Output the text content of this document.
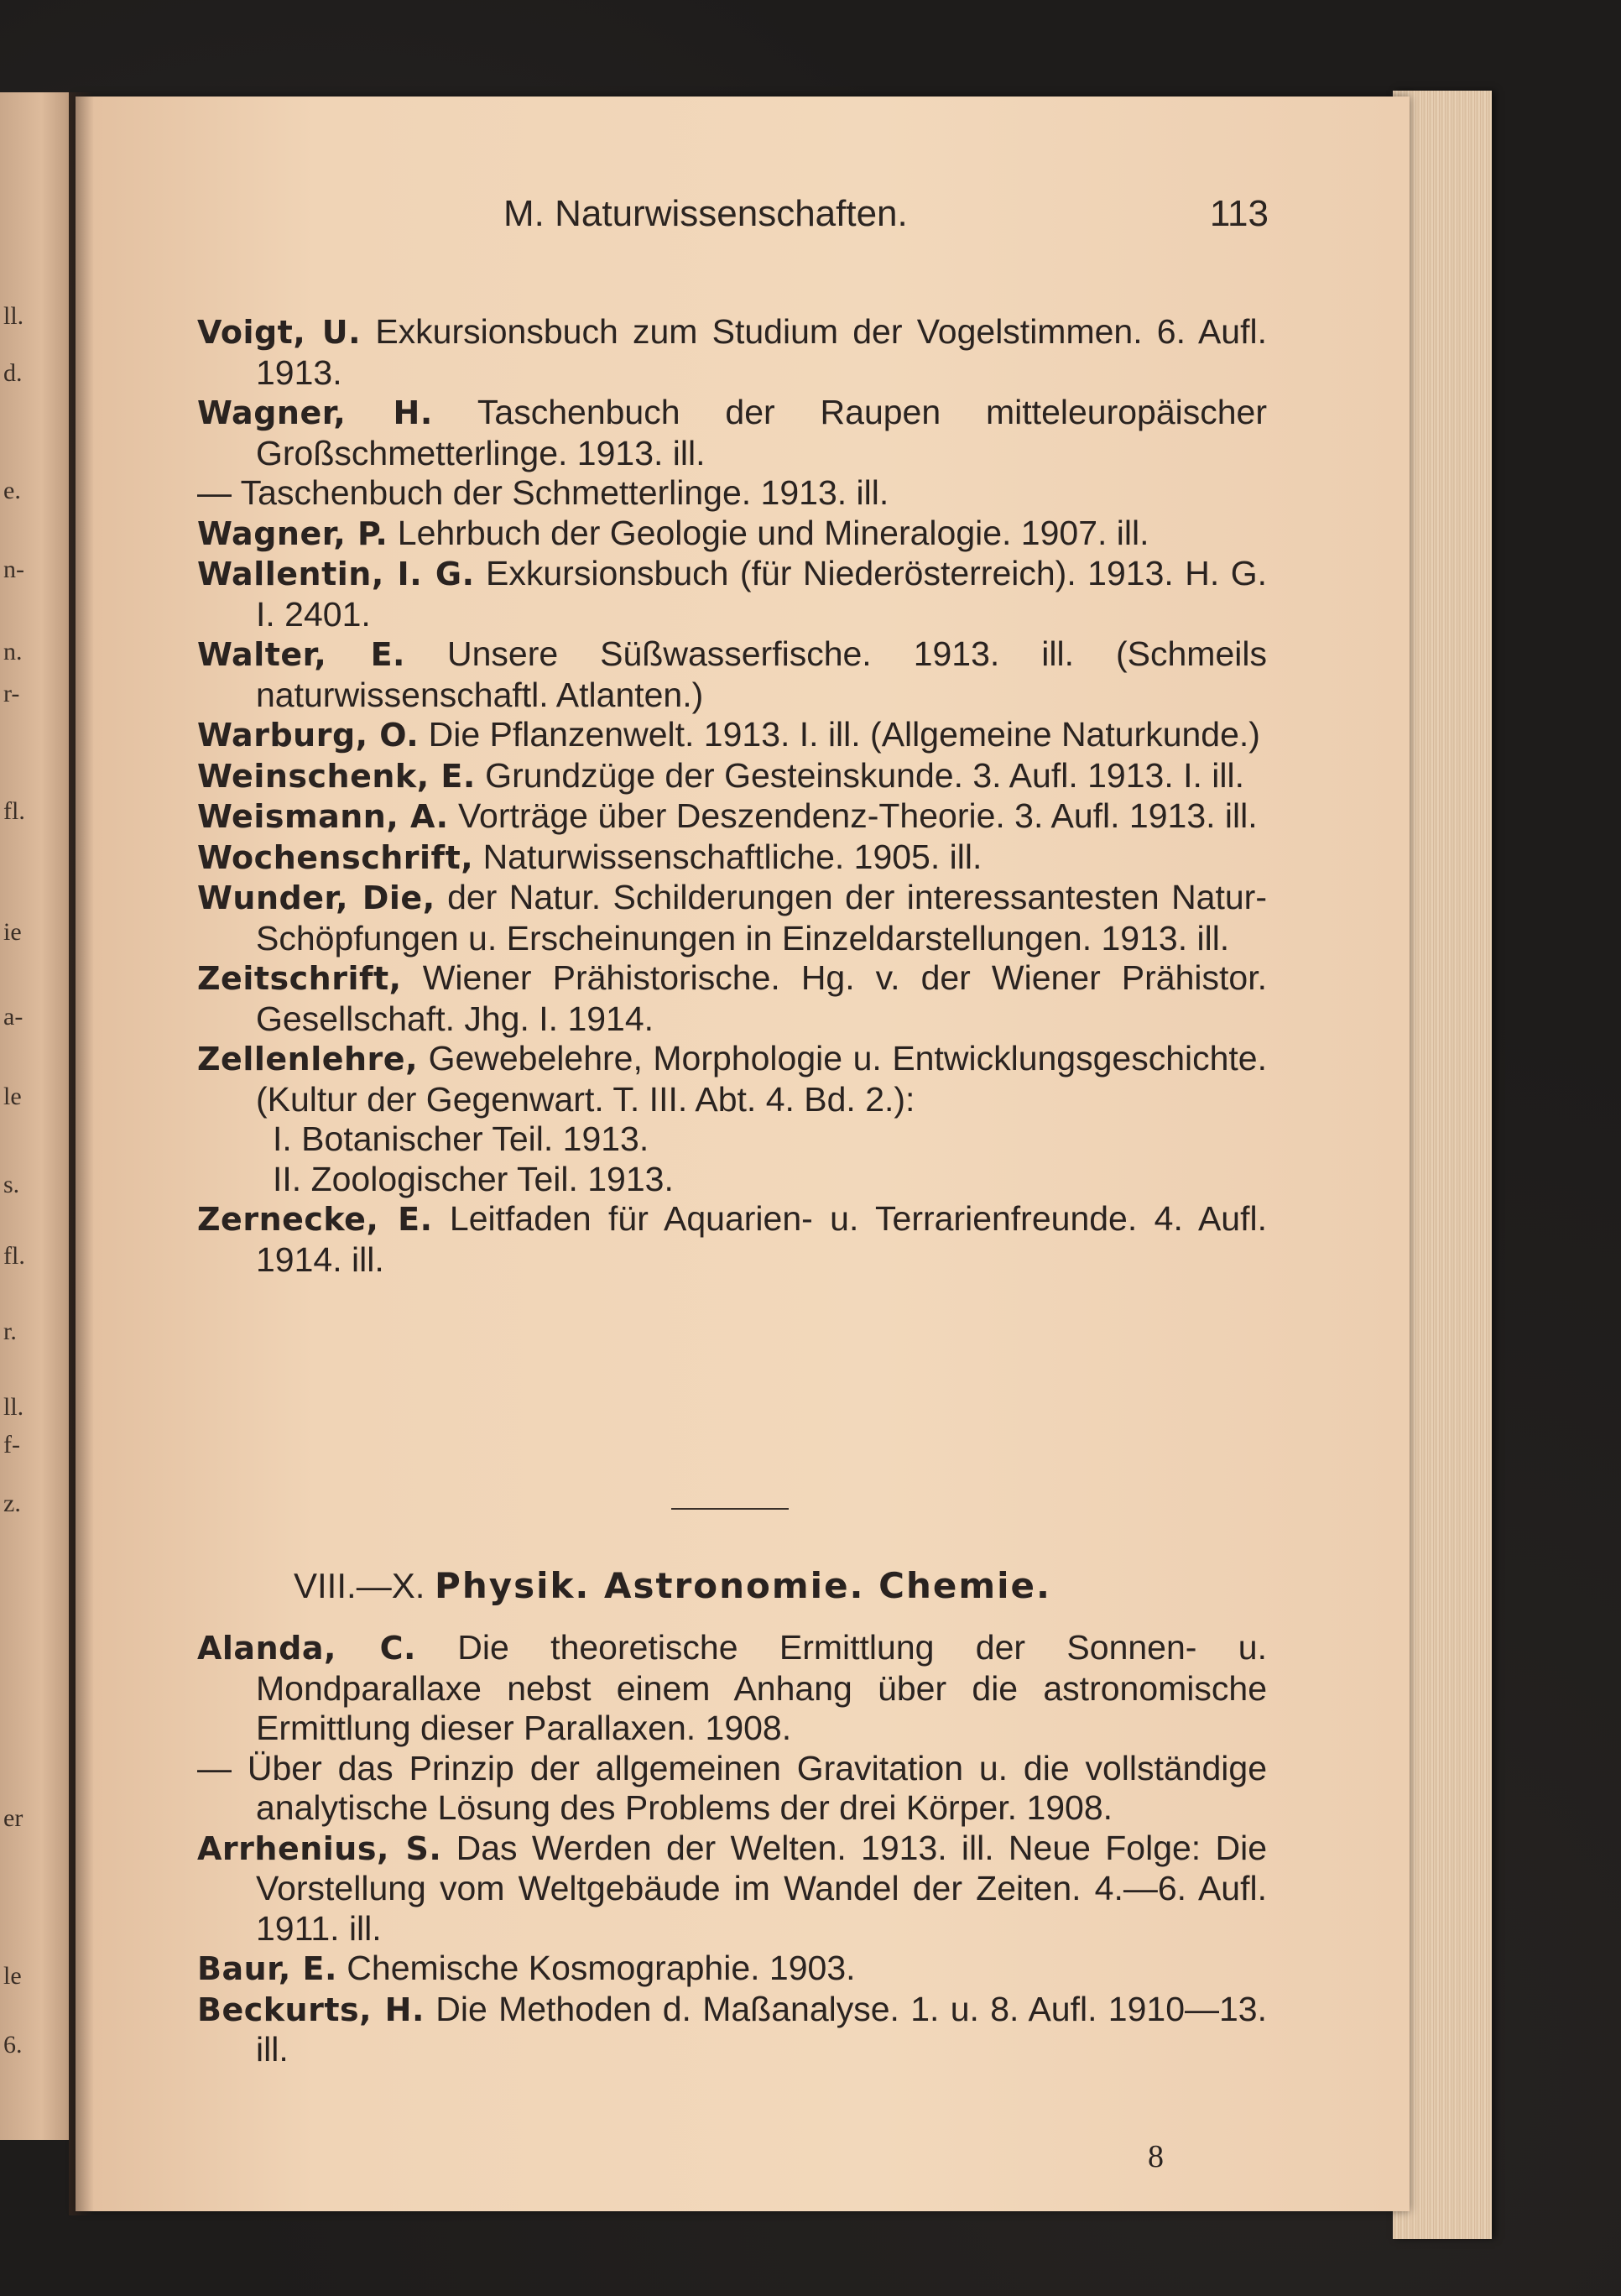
ll.
d.
e.
n-
n.
r-
fl.
ie
a-
le
s.
fl.
r.
ll.
f-
z.
er
le
6.
M. Naturwissenschaften.	113

Voigt, U. Exkursionsbuch zum Studium der Vogelstimmen. 6. Aufl. 1913.

Wagner, H. Taschenbuch der Raupen mitteleuropäischer Großschmetterlinge. 1913. ill.

— Taschenbuch der Schmetterlinge. 1913. ill.

Wagner, P. Lehrbuch der Geologie und Mineralogie. 1907. ill.

Wallentin, I. G. Exkursionsbuch (für Niederösterreich). 1913. H. G. I. 2401.

Walter, E. Unsere Süßwasserfische. 1913. ill. (Schmeils naturwissenschaftl. Atlanten.)

Warburg, O. Die Pflanzenwelt. 1913. I. ill. (Allgemeine Naturkunde.)

Weinschenk, E. Grundzüge der Gesteinskunde. 3. Aufl. 1913. I. ill.

Weismann, A. Vorträge über Deszendenz-Theorie. 3. Aufl. 1913. ill.

Wochenschrift, Naturwissenschaftliche. 1905. ill.

Wunder, Die, der Natur. Schilderungen der interessantesten Natur-Schöpfungen u. Erscheinungen in Einzeldarstellungen. 1913. ill.

Zeitschrift, Wiener Prähistorische. Hg. v. der Wiener Prähistor. Gesellschaft. Jhg. I. 1914.

Zellenlehre, Gewebelehre, Morphologie u. Entwicklungsgeschichte. (Kultur der Gegenwart. T. III. Abt. 4. Bd. 2.):

I. Botanischer Teil. 1913.

II. Zoologischer Teil. 1913.

Zernecke, E. Leitfaden für Aquarien- u. Terrarienfreunde. 4. Aufl. 1914. ill.

VIII.—X. Physik. Astronomie. Chemie.

Alanda, C. Die theoretische Ermittlung der Sonnen- u. Mondparallaxe nebst einem Anhang über die astronomische Ermittlung dieser Parallaxen. 1908.

— Über das Prinzip der allgemeinen Gravitation u. die vollständige analytische Lösung des Problems der drei Körper. 1908.

Arrhenius, S. Das Werden der Welten. 1913. ill. Neue Folge: Die Vorstellung vom Weltgebäude im Wandel der Zeiten. 4.—6. Aufl. 1911. ill.

Baur, E. Chemische Kosmographie. 1903.

Beckurts, H. Die Methoden d. Maßanalyse. 1. u. 8. Aufl. 1910—13. ill.

8
